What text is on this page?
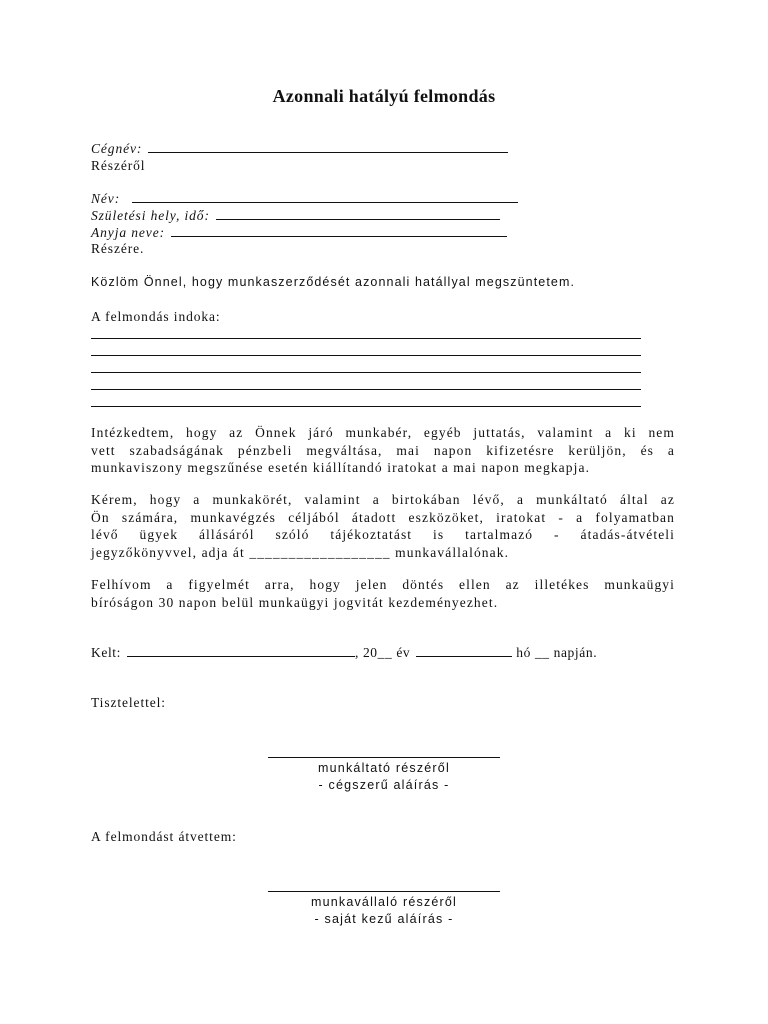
Azonnali hatályú felmondás
Cégnév:
Részéről
Név:
Születési hely, idő:
Anyja neve:
Részére.
Közlöm Önnel, hogy munkaszerződését azonnali hatállyal megszüntetem.
A felmondás indoka:
Intézkedtem, hogy az Önnek járó munkabér, egyéb juttatás, valamint a ki nem
vett szabadságának pénzbeli megváltása, mai napon kifizetésre kerüljön, és a
munkaviszony megszűnése esetén kiállítandó iratokat a mai napon megkapja.
Kérem, hogy a munkakörét, valamint a birtokában lévő, a munkáltató által az
Ön számára, munkavégzés céljából átadott eszközöket, iratokat - a folyamatban
lévő ügyek állásáról szóló tájékoztatást is tartalmazó - átadás-átvételi
jegyzőkönyvvel, adja át __________________ munkavállalónak.
Felhívom a figyelmét arra, hogy jelen döntés ellen az illetékes munkaügyi
bíróságon 30 napon belül munkaügyi jogvitát kezdeményezhet.
Kelt:	, 20__ év	hó __ napján.
Tisztelettel:
munkáltató részéről
- cégszerű aláírás -
A felmondást átvettem:
munkavállaló részéről
- saját kezű aláírás -
